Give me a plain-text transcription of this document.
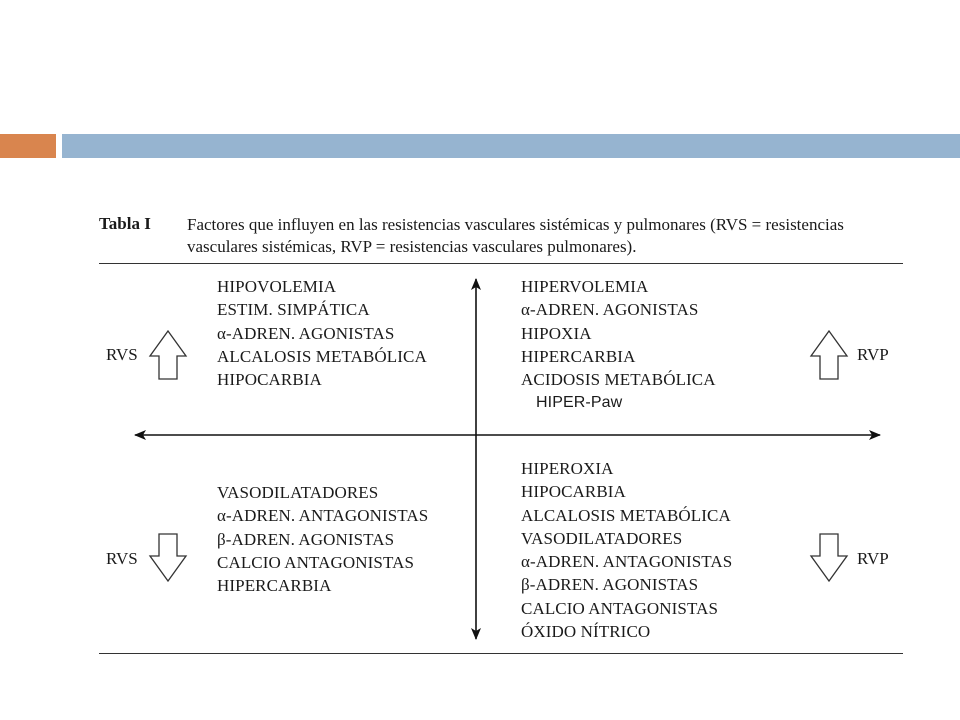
Tabla I Factores que influyen en las resistencias vasculares sistémicas y pulmonares (RVS = resistencias vasculares sistémicas, RVP = resistencias vasculares pulmonares).
RVS
RVS
RVP
RVP
HIPOVOLEMIA
ESTIM. SIMPÁTICA
α-ADREN. AGONISTAS
ALCALOSIS METABÓLICA
HIPOCARBIA
HIPERVOLEMIA
α-ADREN. AGONISTAS
HIPOXIA
HIPERCARBIA
ACIDOSIS METABÓLICA
HIPER-Paw
VASODILATADORES
α-ADREN. ANTAGONISTAS
β-ADREN. AGONISTAS
CALCIO ANTAGONISTAS
HIPERCARBIA
HIPEROXIA
HIPOCARBIA
ALCALOSIS METABÓLICA
VASODILATADORES
α-ADREN. ANTAGONISTAS
β-ADREN. AGONISTAS
CALCIO ANTAGONISTAS
ÓXIDO NÍTRICO
